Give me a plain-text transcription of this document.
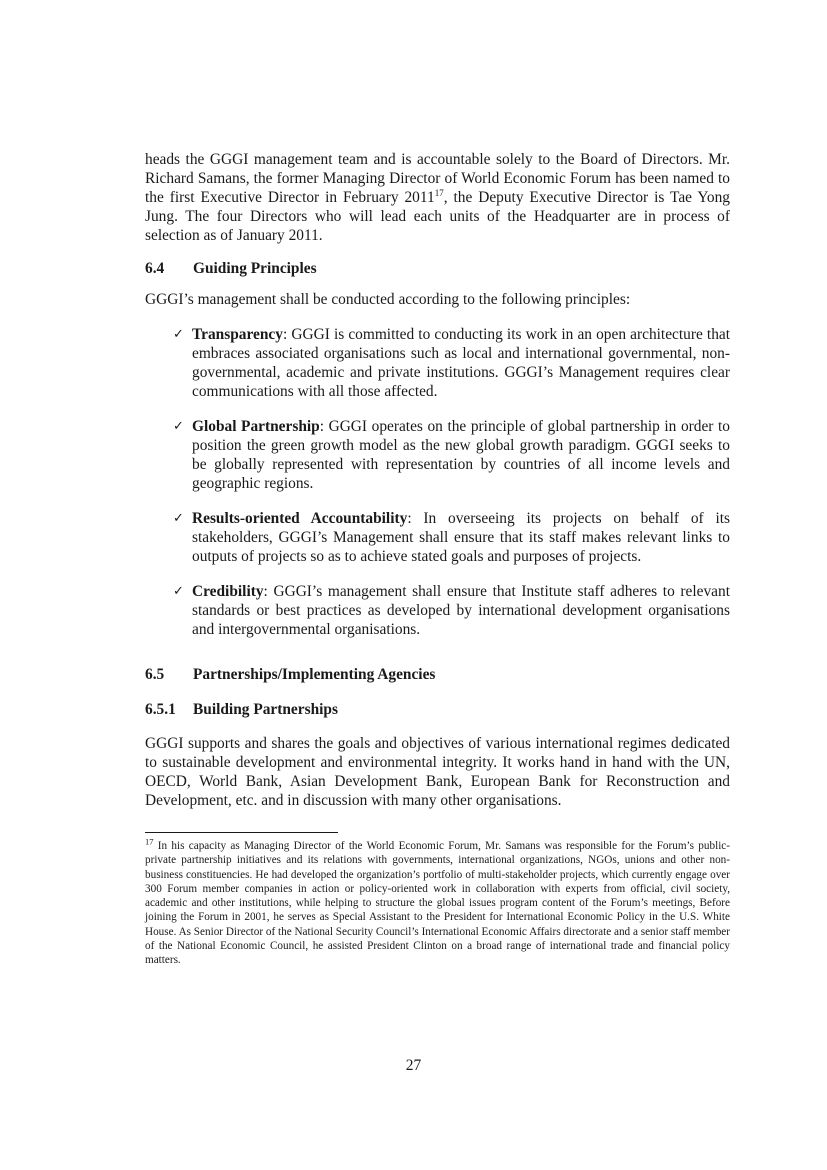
heads the GGGI management team and is accountable solely to the Board of Directors. Mr. Richard Samans, the former Managing Director of World Economic Forum has been named to the first Executive Director in February 2011$^{17}$, the Deputy Executive Director is Tae Yong Jung. The four Directors who will lead each units of the Headquarter are in process of selection as of January 2011.

6.4 Guiding Principles

GGGI’s management shall be conducted according to the following principles:

✓ Transparency: GGGI is committed to conducting its work in an open architecture that embraces associated organisations such as local and international governmental, non-governmental, academic and private institutions. GGGI’s Management requires clear communications with all those affected.
✓ Global Partnership: GGGI operates on the principle of global partnership in order to position the green growth model as the new global growth paradigm. GGGI seeks to be globally represented with representation by countries of all income levels and geographic regions.
✓ Results-oriented Accountability: In overseeing its projects on behalf of its stakeholders, GGGI’s Management shall ensure that its staff makes relevant links to outputs of projects so as to achieve stated goals and purposes of projects.
✓ Credibility: GGGI’s management shall ensure that Institute staff adheres to relevant standards or best practices as developed by international development organisations and intergovernmental organisations.
6.5 Partnerships/Implementing Agencies
6.5.1 Building Partnerships

GGGI supports and shares the goals and objectives of various international regimes dedicated to sustainable development and environmental integrity. It works hand in hand with the UN, OECD, World Bank, Asian Development Bank, European Bank for Reconstruction and Development, etc. and in discussion with many other organisations.

$^{17}$ In his capacity as Managing Director of the World Economic Forum, Mr. Samans was responsible for the Forum’s public-private partnership initiatives and its relations with governments, international organizations, NGOs, unions and other non-business constituencies. He had developed the organization’s portfolio of multi-stakeholder projects, which currently engage over 300 Forum member companies in action or policy-oriented work in collaboration with experts from official, civil society, academic and other institutions, while helping to structure the global issues program content of the Forum’s meetings, Before joining the Forum in 2001, he serves as Special Assistant to the President for International Economic Policy in the U.S. White House. As Senior Director of the National Security Council’s International Economic Affairs directorate and a senior staff member of the National Economic Council, he assisted President Clinton on a broad range of international trade and financial policy matters.

27
